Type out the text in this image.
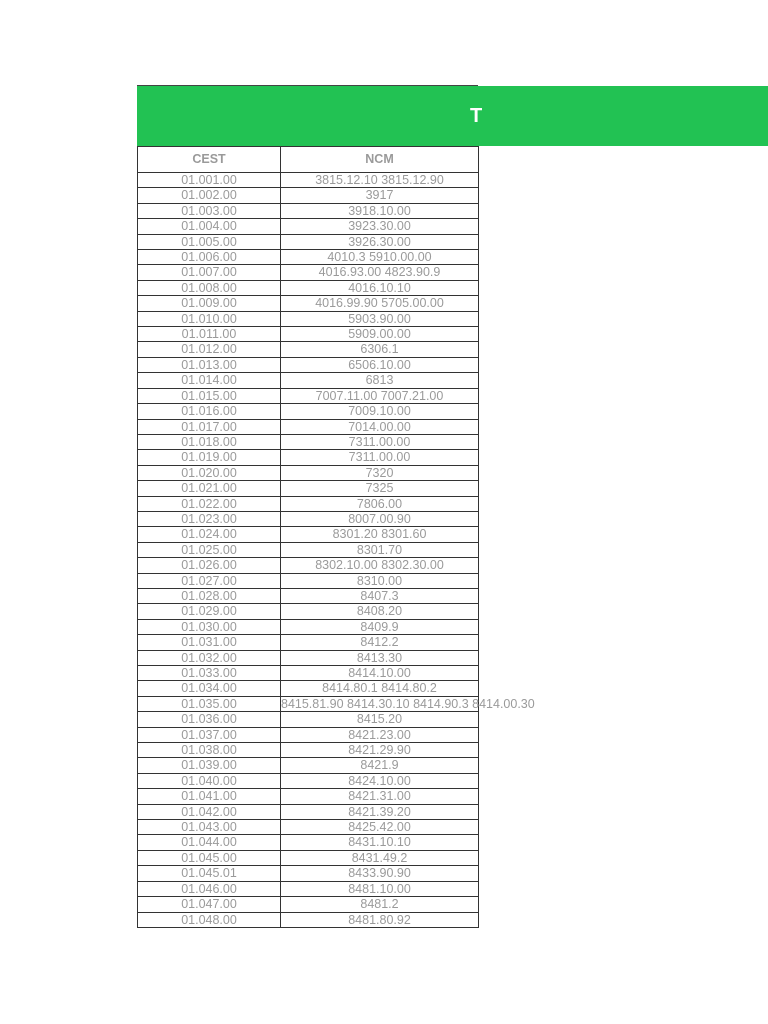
T
CEST	NCM
01.001.00	3815.12.10 3815.12.90
01.002.00	3917
01.003.00	3918.10.00
01.004.00	3923.30.00
01.005.00	3926.30.00
01.006.00	4010.3 5910.00.00
01.007.00	4016.93.00 4823.90.9
01.008.00	4016.10.10
01.009.00	4016.99.90 5705.00.00
01.010.00	5903.90.00
01.011.00	5909.00.00
01.012.00	6306.1
01.013.00	6506.10.00
01.014.00	6813
01.015.00	7007.11.00 7007.21.00
01.016.00	7009.10.00
01.017.00	7014.00.00
01.018.00	7311.00.00
01.019.00	7311.00.00
01.020.00	7320
01.021.00	7325
01.022.00	7806.00
01.023.00	8007.00.90
01.024.00	8301.20 8301.60
01.025.00	8301.70
01.026.00	8302.10.00 8302.30.00
01.027.00	8310.00
01.028.00	8407.3
01.029.00	8408.20
01.030.00	8409.9
01.031.00	8412.2
01.032.00	8413.30
01.033.00	8414.10.00
01.034.00	8414.80.1 8414.80.2
01.035.00	8415.81.90 8414.30.10 8414.90.3 8414.00.30
01.036.00	8415.20
01.037.00	8421.23.00
01.038.00	8421.29.90
01.039.00	8421.9
01.040.00	8424.10.00
01.041.00	8421.31.00
01.042.00	8421.39.20
01.043.00	8425.42.00
01.044.00	8431.10.10
01.045.00	8431.49.2
01.045.01	8433.90.90
01.046.00	8481.10.00
01.047.00	8481.2
01.048.00	8481.80.92
